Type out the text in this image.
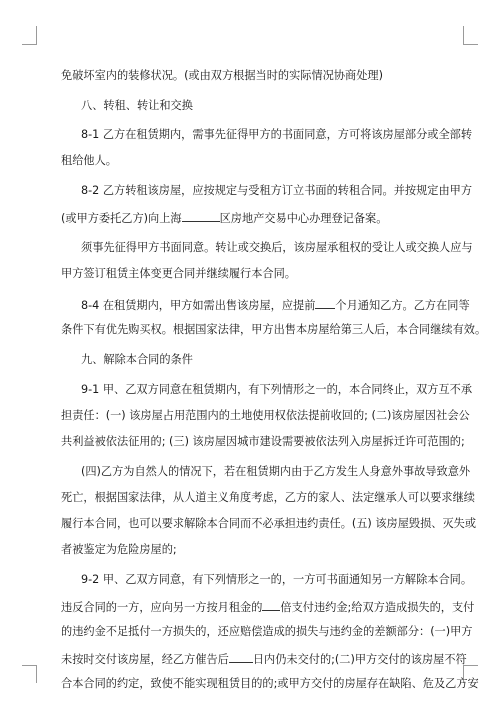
免破坏室内的装修状况。(或由双方根据当时的实际情况协商处理)

八、转租、转让和交换

8-1 乙方在租赁期内，需事先征得甲方的书面同意，方可将该房屋部分或全部转

租给他人。

8-2 乙方转租该房屋，应按规定与受租方订立书面的转租合同。并按规定由甲方

(或甲方委托乙方)向上海	区房地产交易中心办理登记备案。

须事先征得甲方书面同意。转让或交换后，该房屋承租权的受让人或交换人应与

甲方签订租赁主体变更合同并继续履行本合同。

8-4 在租赁期内，甲方如需出售该房屋，应提前 个月通知乙方。乙方在同等

条件下有优先购买权。根据国家法律，甲方出售本房屋给第三人后，本合同继续有效。

九、解除本合同的条件

9-1 甲、乙双方同意在租赁期内，有下列情形之一的，本合同终止，双方互不承

担责任：(一) 该房屋占用范围内的土地使用权依法提前收回的; (二)该房屋因社会公

共利益被依法征用的; (三) 该房屋因城市建设需要被依法列入房屋拆迁许可范围的;

(四)乙方为自然人的情况下，若在租赁期内由于乙方发生人身意外事故导致意外

死亡，根据国家法律，从人道主义角度考虑，乙方的家人、法定继承人可以要求继续

履行本合同，也可以要求解除本合同而不必承担违约责任。(五) 该房屋毁损、灭失或

者被鉴定为危险房屋的;

9-2 甲、乙双方同意，有下列情形之一的，一方可书面通知另一方解除本合同。

违反合同的一方，应向另一方按月租金的 倍支付违约金;给双方造成损失的，支付

的违约金不足抵付一方损失的，还应赔偿造成的损失与违约金的差额部分：(一)甲方

未按时交付该房屋，经乙方催告后 日内仍未交付的;(二)甲方交付的该房屋不符

合本合同的约定，致使不能实现租赁目的的;或甲方交付的房屋存在缺陷、危及乙方安
